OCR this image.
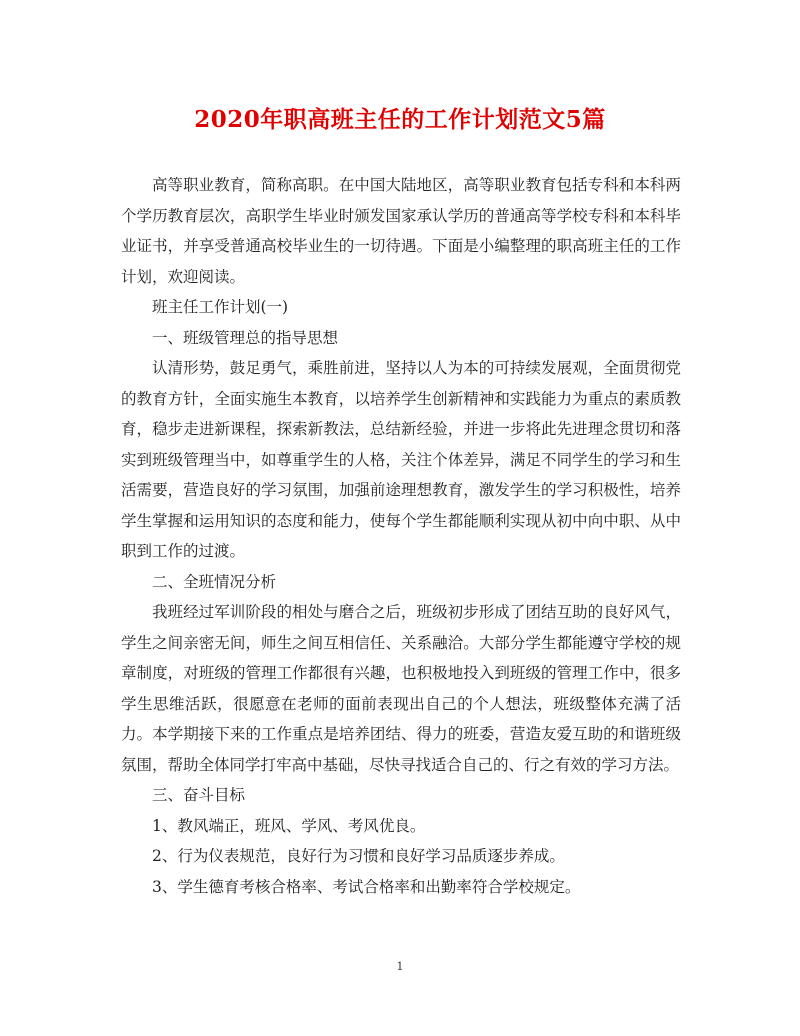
2020年职高班主任的工作计划范文5篇

高等职业教育，简称高职。在中国大陆地区，高等职业教育包括专科和本科两个学历教育层次，高职学生毕业时颁发国家承认学历的普通高等学校专科和本科毕业证书，并享受普通高校毕业生的一切待遇。下面是小编整理的职高班主任的工作计划，欢迎阅读。

班主任工作计划(一)

一、班级管理总的指导思想

认清形势，鼓足勇气，乘胜前进，坚持以人为本的可持续发展观，全面贯彻党的教育方针，全面实施生本教育，以培养学生创新精神和实践能力为重点的素质教育，稳步走进新课程，探索新教法，总结新经验，并进一步将此先进理念贯切和落实到班级管理当中，如尊重学生的人格，关注个体差异，满足不同学生的学习和生活需要，营造良好的学习氛围，加强前途理想教育，激发学生的学习积极性，培养学生掌握和运用知识的态度和能力，使每个学生都能顺利实现从初中向中职、从中职到工作的过渡。

二、全班情况分析

我班经过军训阶段的相处与磨合之后，班级初步形成了团结互助的良好风气，学生之间亲密无间，师生之间互相信任、关系融洽。大部分学生都能遵守学校的规章制度，对班级的管理工作都很有兴趣，也积极地投入到班级的管理工作中，很多学生思维活跃，很愿意在老师的面前表现出自己的个人想法，班级整体充满了活力。本学期接下来的工作重点是培养团结、得力的班委，营造友爱互助的和谐班级氛围，帮助全体同学打牢高中基础，尽快寻找适合自己的、行之有效的学习方法。

三、奋斗目标

1、教风端正，班风、学风、考风优良。

2、行为仪表规范，良好行为习惯和良好学习品质逐步养成。

3、学生德育考核合格率、考试合格率和出勤率符合学校规定。

1
